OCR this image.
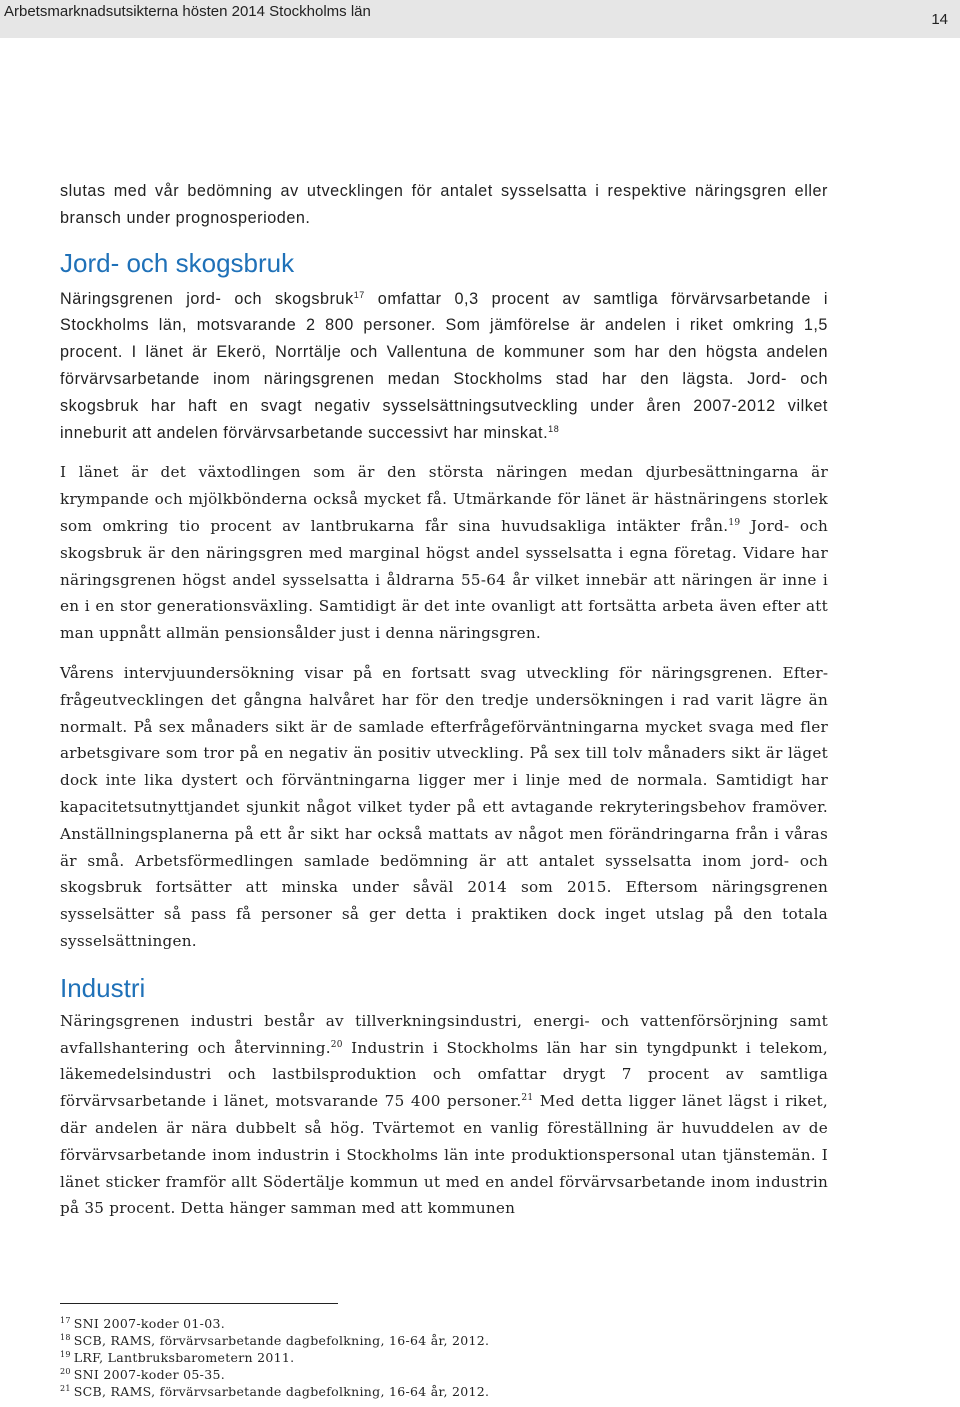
Arbetsmarknadsutsikterna hösten 2014 Stockholms län	14

slutas med vår bedömning av utvecklingen för antalet sysselsatta i respektive näringsgren eller bransch under prognosperioden.

Jord- och skogsbruk

Näringsgrenen jord- och skogsbruk$^{17}$ omfattar 0,3 procent av samtliga förvärvsarbetande i Stockholms län, motsvarande 2 800 personer. Som jämförelse är andelen i riket omkring 1,5 procent. I länet är Ekerö, Norrtälje och Vallentuna de kommuner som har den högsta andelen förvärvsarbetande inom näringsgrenen medan Stockholms stad har den lägsta. Jord- och skogsbruk har haft en svagt negativ sysselsättningsutveckling under åren 2007-2012 vilket inneburit att andelen förvärvsarbetande successivt har minskat.$^{18}$

I länet är det växtodlingen som är den största näringen medan djurbesättningarna är krympande och mjölkbönderna också mycket få. Utmärkande för länet är hästnäringens storlek som omkring tio procent av lantbrukarna får sina huvudsakliga intäkter från.$^{19}$ Jord- och skogsbruk är den näringsgren med marginal högst andel sysselsatta i egna företag. Vidare har näringsgrenen högst andel sysselsatta i åldrarna 55-64 år vilket innebär att näringen är inne i en i en stor generationsväxling. Samtidigt är det inte ovanligt att fortsätta arbeta även efter att man uppnått allmän pensionsålder just i denna näringsgren.

Vårens intervjuundersökning visar på en fortsatt svag utveckling för näringsgrenen. Efterfrågeutvecklingen det gångna halvåret har för den tredje undersökningen i rad varit lägre än normalt. På sex månaders sikt är de samlade efterfrågeförväntningarna mycket svaga med fler arbetsgivare som tror på en negativ än positiv utveckling. På sex till tolv månaders sikt är läget dock inte lika dystert och förväntningarna ligger mer i linje med de normala. Samtidigt har kapacitetsutnyttjandet sjunkit något vilket tyder på ett avtagande rekryteringsbehov framöver. Anställningsplanerna på ett år sikt har också mattats av något men förändringarna från i våras är små. Arbetsförmedlingen samlade bedömning är att antalet sysselsatta inom jord- och skogsbruk fortsätter att minska under såväl 2014 som 2015. Eftersom näringsgrenen sysselsätter så pass få personer så ger detta i praktiken dock inget utslag på den totala sysselsättningen.

Industri

Näringsgrenen industri består av tillverkningsindustri, energi- och vattenförsörjning samt avfallshantering och återvinning.$^{20}$ Industrin i Stockholms län har sin tyngdpunkt i telekom, läkemedelsindustri och lastbilsproduktion och omfattar drygt 7 procent av samtliga förvärvsarbetande i länet, motsvarande 75 400 personer.$^{21}$ Med detta ligger länet lägst i riket, där andelen är nära dubbelt så hög. Tvärtemot en vanlig föreställning är huvuddelen av de förvärvsarbetande inom industrin i Stockholms län inte produktionspersonal utan tjänstemän. I länet sticker framför allt Södertälje kommun ut med en andel förvärvsarbetande inom industrin på 35 procent. Detta hänger samman med att kommunen

$^{17}$ SNI 2007-koder 01-03.
$^{18}$ SCB, RAMS, förvärvsarbetande dagbefolkning, 16-64 år, 2012.
$^{19}$ LRF, Lantbruksbarometern 2011.
$^{20}$ SNI 2007-koder 05-35.
$^{21}$ SCB, RAMS, förvärvsarbetande dagbefolkning, 16-64 år, 2012.
